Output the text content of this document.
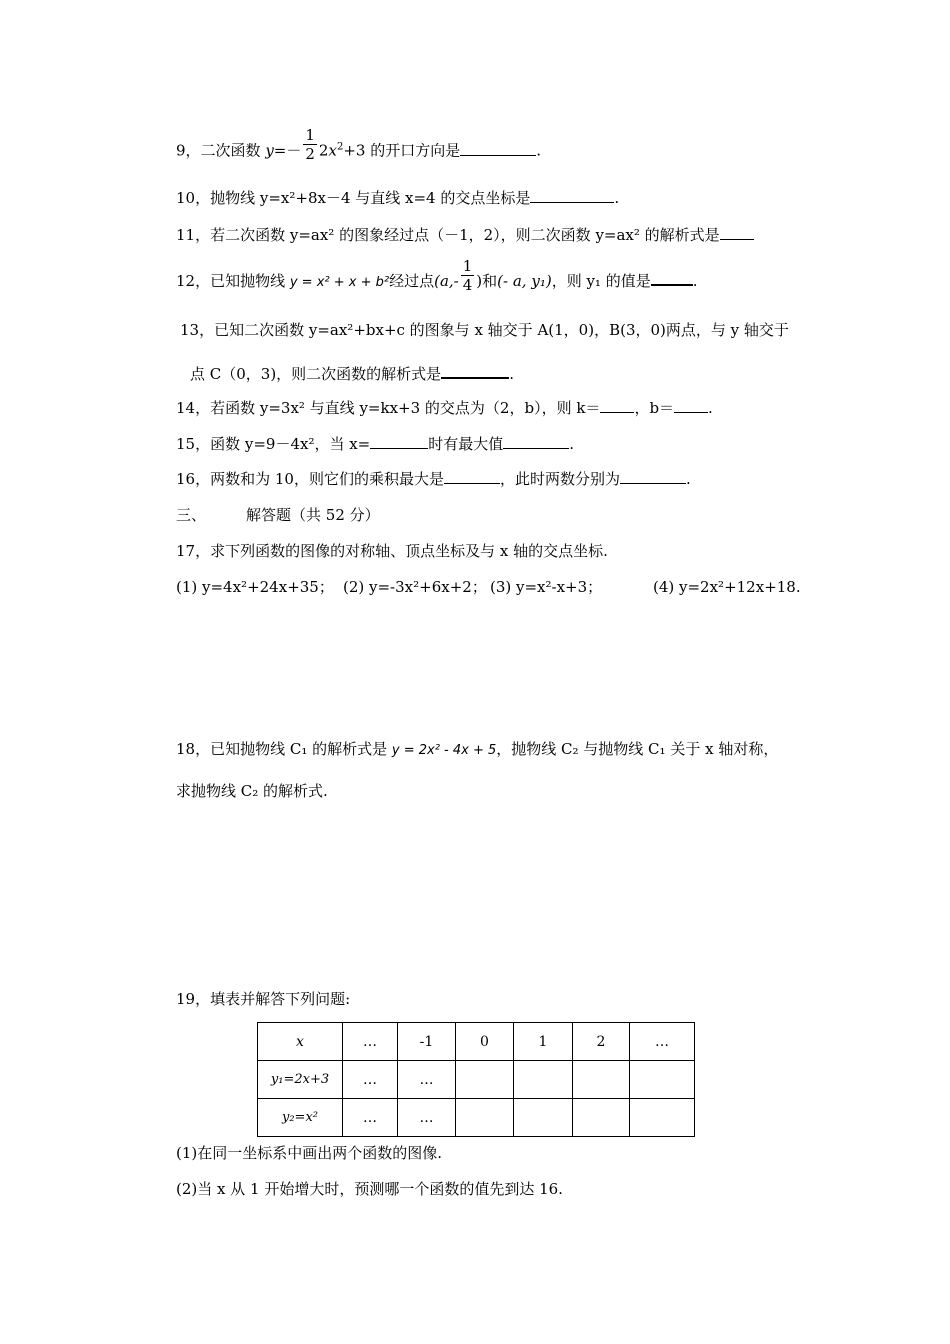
9，二次函数 $y=- \frac{1}{2} 2x^2+3$ 的开口方向是	.
10，抛物线 y=x²+8x－4 与直线 x=4 的交点坐标是	.
11，若二次函数 y=ax² 的图象经过点（－1，2），则二次函数 y=ax² 的解析式是
12，已知抛物线 y = x² + x + b²经过点($a,- \frac{1}{4}$ )和(- a, y₁)，则 y₁ 的值是	.
13，已知二次函数 y=ax²+bx+c 的图象与 x 轴交于 A(1，0)，B(3，0)两点，与 y 轴交于
点 C（0，3)，则二次函数的解析式是	.
14，若函数 y=3x² 与直线 y=kx+3 的交点为（2，b），则 k＝ ，b＝ .
15，函数 y=9－4x²，当 x=	时有最大值	.
16，两数和为 10，则它们的乘积最大是	，此时两数分别为	.
三、	解答题（共 52 分）
17，求下列函数的图像的对称轴、顶点坐标及与 x 轴的交点坐标.
(1) y=4x²+24x+35； (2) y=-3x²+6x+2； (3) y=x²-x+3；	(4) y=2x²+12x+18.
18，已知抛物线 C₁ 的解析式是 y = 2x² - 4x + 5，抛物线 C₂ 与抛物线 C₁ 关于 x 轴对称，
求抛物线 C₂ 的解析式.
19，填表并解答下列问题:
x	…	-1	0	1	2	…
y₁=2x+3	…	…				
y₂=x²	…	…				
(1)在同一坐标系中画出两个函数的图像.
(2)当 x 从 1 开始增大时，预测哪一个函数的值先到达 16.
